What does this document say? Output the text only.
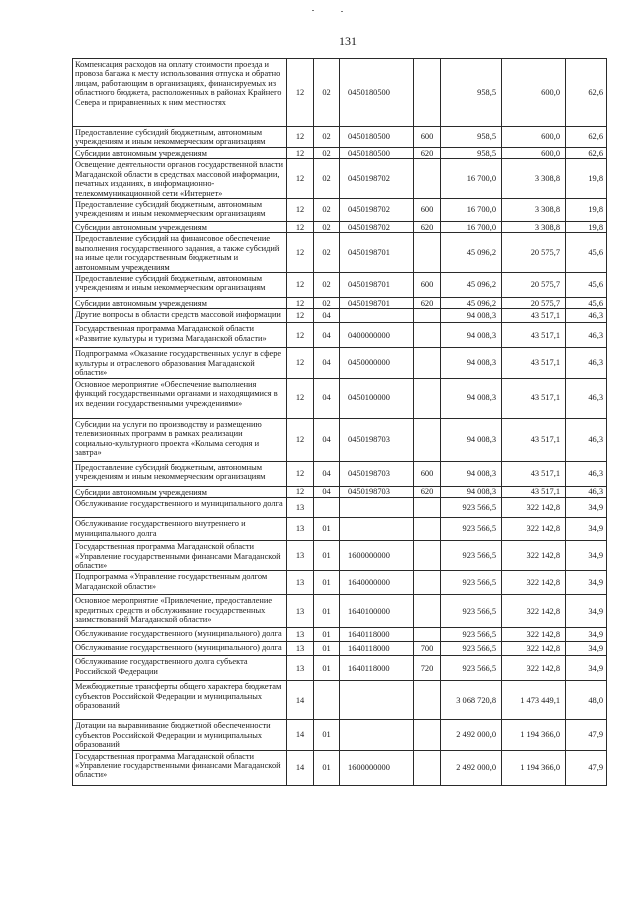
131
Компенсация расходов на оплату стоимости проезда и провоза багажа к месту использования отпуска и обратно лицам, работающим в организациях, финансируемых из областного бюджета, расположенных в районах Крайнего Севера и приравненных к ним местностях	12	02	0450180500		958,5	600,0	62,6
Предоставление субсидий бюджетным, автономным учреждениям и иным некоммерческим организациям	12	02	0450180500	600	958,5	600,0	62,6
Субсидии автономным учреждениям	12	02	0450180500	620	958,5	600,0	62,6
Освещение деятельности органов государственной власти Магаданской области в средствах массовой информации, печатных изданиях, в информационно-телекоммуникационной сети «Интернет»	12	02	0450198702		16 700,0	3 308,8	19,8
Предоставление субсидий бюджетным, автономным учреждениям и иным некоммерческим организациям	12	02	0450198702	600	16 700,0	3 308,8	19,8
Субсидии автономным учреждениям	12	02	0450198702	620	16 700,0	3 308,8	19,8
Предоставление субсидий на финансовое обеспечение выполнения государственного задания, а также субсидий на иные цели государственным бюджетным и автономным учреждениям	12	02	0450198701		45 096,2	20 575,7	45,6
Предоставление субсидий бюджетным, автономным учреждениям и иным некоммерческим организациям	12	02	0450198701	600	45 096,2	20 575,7	45,6
Субсидии автономным учреждениям	12	02	0450198701	620	45 096,2	20 575,7	45,6
Другие вопросы в области средств массовой информации	12	04			94 008,3	43 517,1	46,3
Государственная программа Магаданской области «Развитие культуры и туризма Магаданской области»	12	04	0400000000		94 008,3	43 517,1	46,3
Подпрограмма «Оказание государственных услуг в сфере культуры и отраслевого образования Магаданской области»	12	04	0450000000		94 008,3	43 517,1	46,3
Основное мероприятие «Обеспечение выполнения функций государственными органами и находящимися в их ведении государственными учреждениями»	12	04	0450100000		94 008,3	43 517,1	46,3
Субсидии на услуги по производству и размещению телевизионных программ в рамках реализации социально-культурного проекта «Колыма сегодня и завтра»	12	04	0450198703		94 008,3	43 517,1	46,3
Предоставление субсидий бюджетным, автономным учреждениям и иным некоммерческим организациям	12	04	0450198703	600	94 008,3	43 517,1	46,3
Субсидии автономным учреждениям	12	04	0450198703	620	94 008,3	43 517,1	46,3
Обслуживание государственного и муниципального долга	13				923 566,5	322 142,8	34,9
Обслуживание государственного внутреннего и муниципального долга	13	01			923 566,5	322 142,8	34,9
Государственная программа Магаданской области «Управление государственными финансами Магаданской области»	13	01	1600000000		923 566,5	322 142,8	34,9
Подпрограмма «Управление государственным долгом Магаданской области»	13	01	1640000000		923 566,5	322 142,8	34,9
Основное мероприятие «Привлечение, предоставление кредитных средств и обслуживание государственных заимствований Магаданской области»	13	01	1640100000		923 566,5	322 142,8	34,9
Обслуживание государственного (муниципального) долга	13	01	1640118000		923 566,5	322 142,8	34,9
Обслуживание государственного (муниципального) долга	13	01	1640118000	700	923 566,5	322 142,8	34,9
Обслуживание государственного долга субъекта Российской Федерации	13	01	1640118000	720	923 566,5	322 142,8	34,9
Межбюджетные трансферты общего характера бюджетам субъектов Российской Федерации и муниципальных образований	14				3 068 720,8	1 473 449,1	48,0
Дотации на выравнивание бюджетной обеспеченности субъектов Российской Федерации и муниципальных образований	14	01			2 492 000,0	1 194 366,0	47,9
Государственная программа Магаданской области «Управление государственными финансами Магаданской области»	14	01	1600000000		2 492 000,0	1 194 366,0	47,9
